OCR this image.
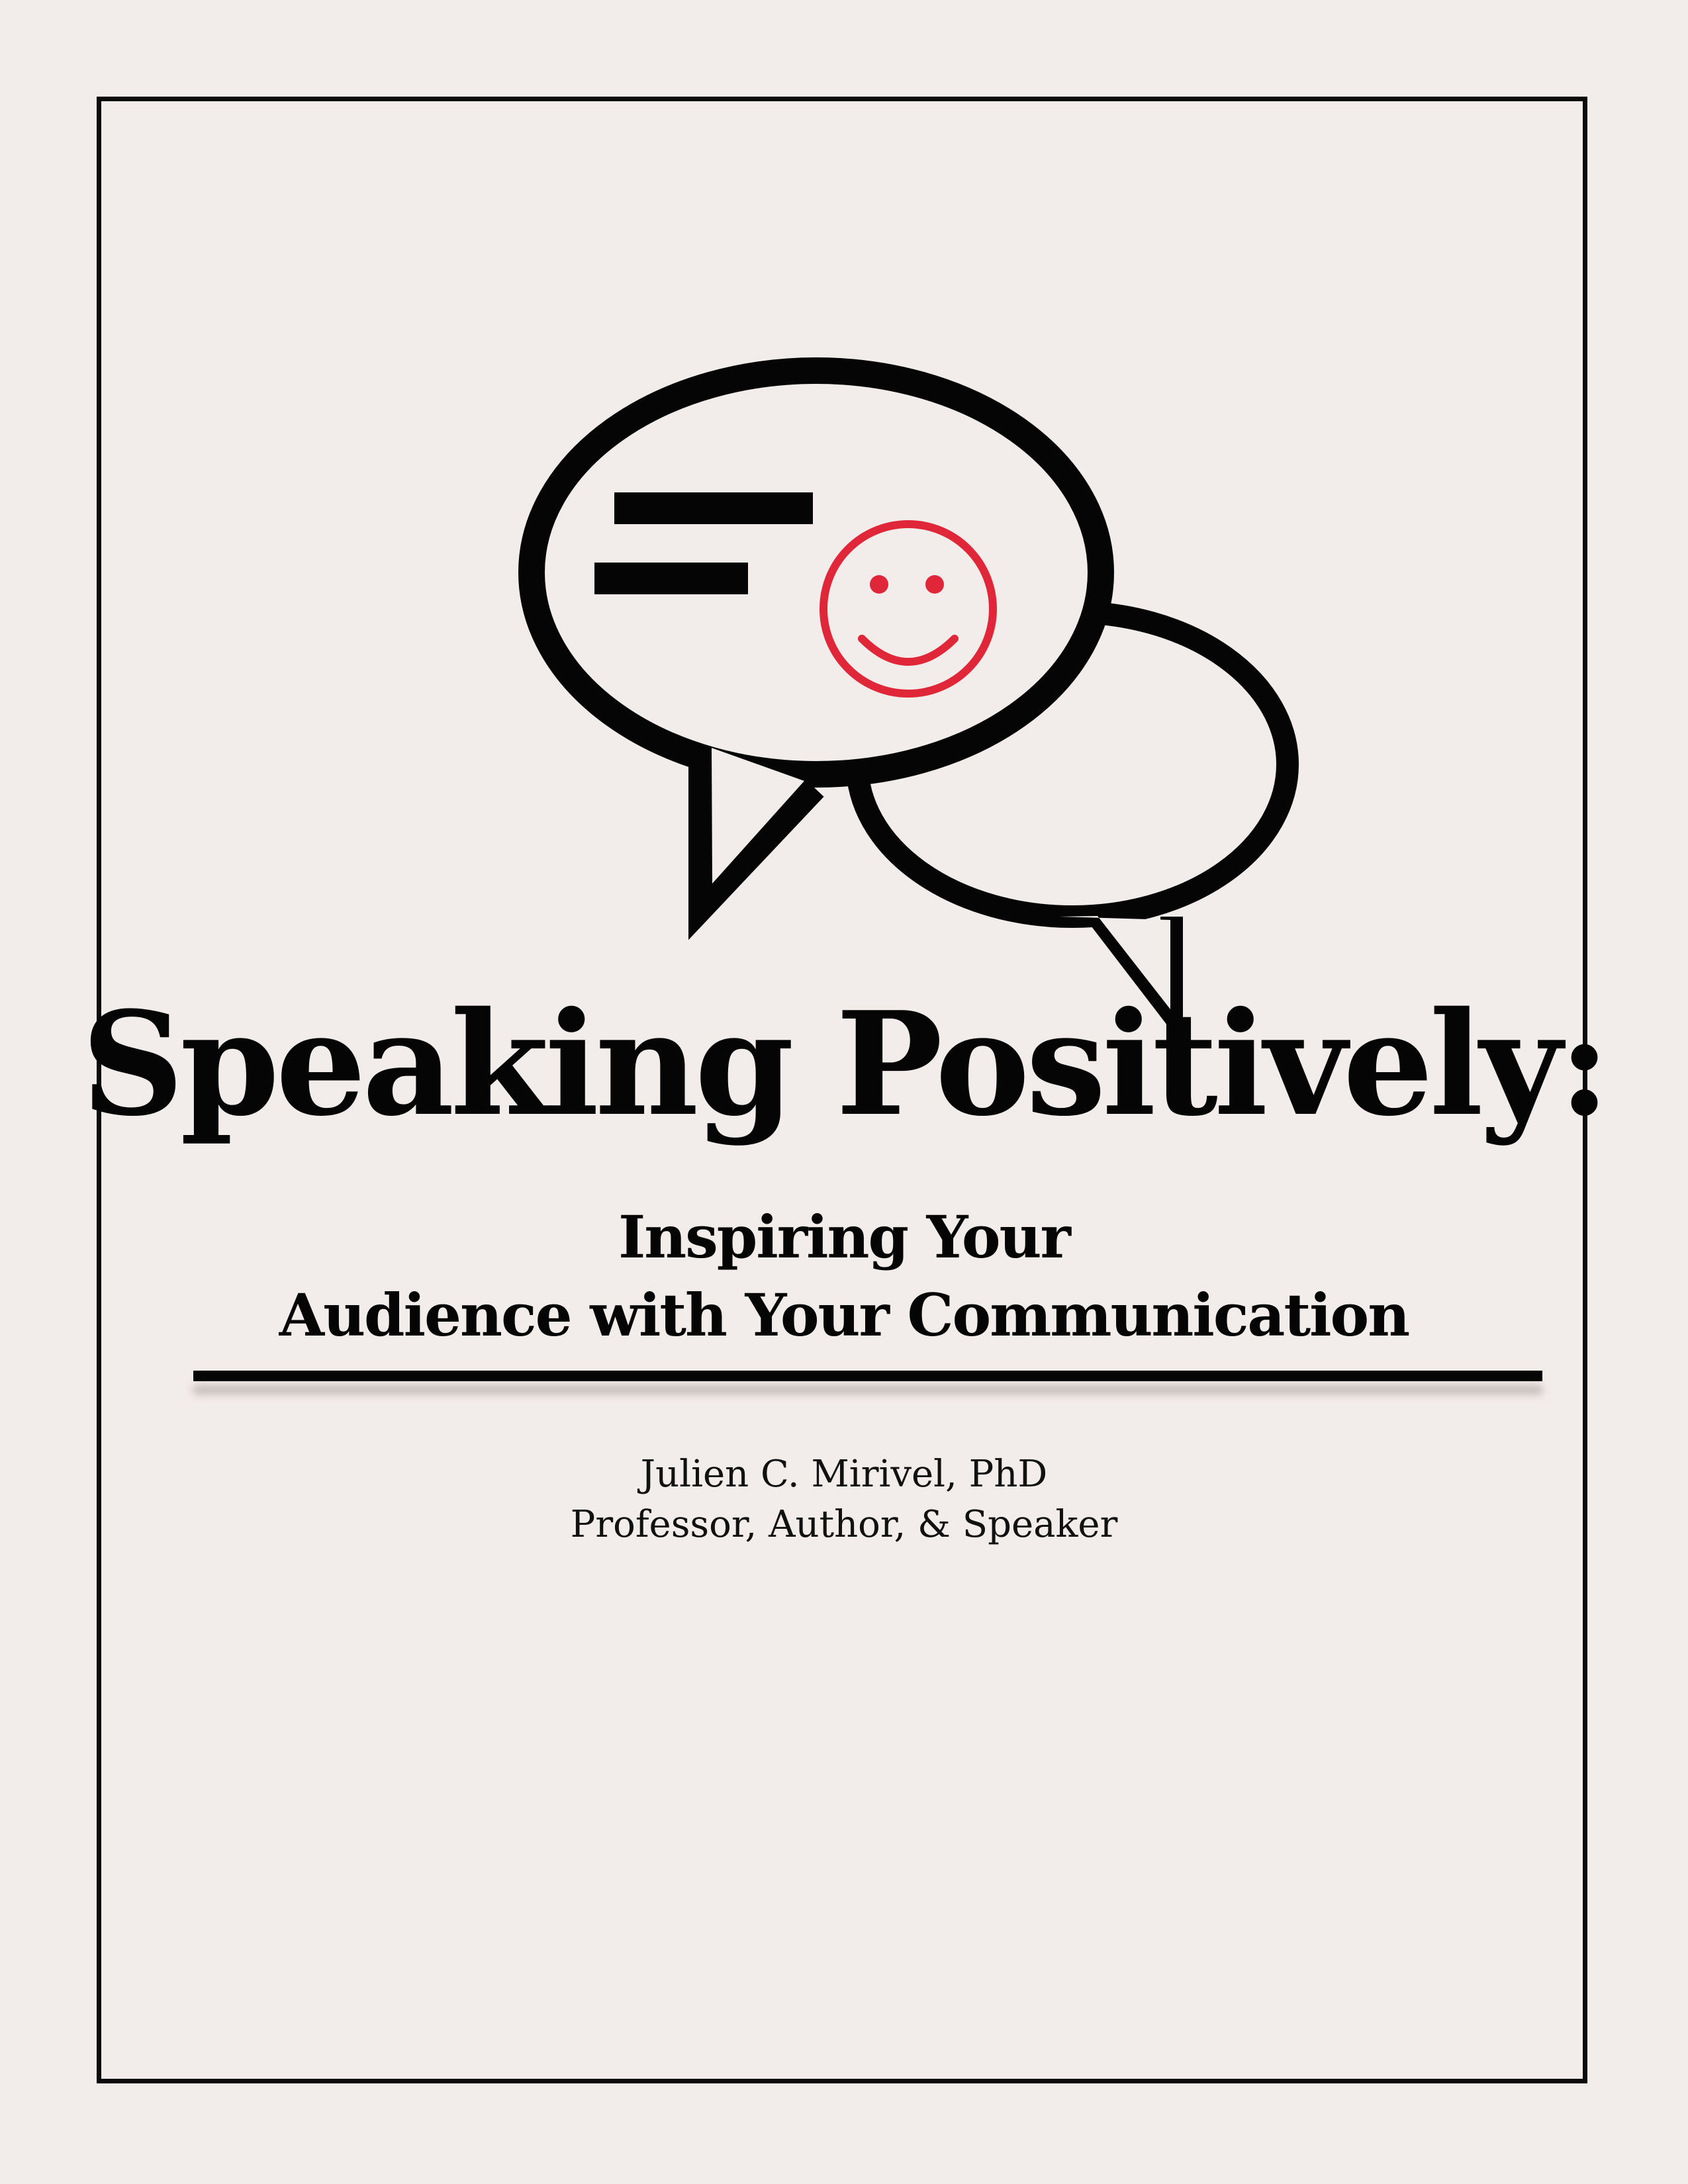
Speaking Positively:
Inspiring Your
Audience with Your Communication
Julien C. Mirivel, PhD
Professor, Author, & Speaker
